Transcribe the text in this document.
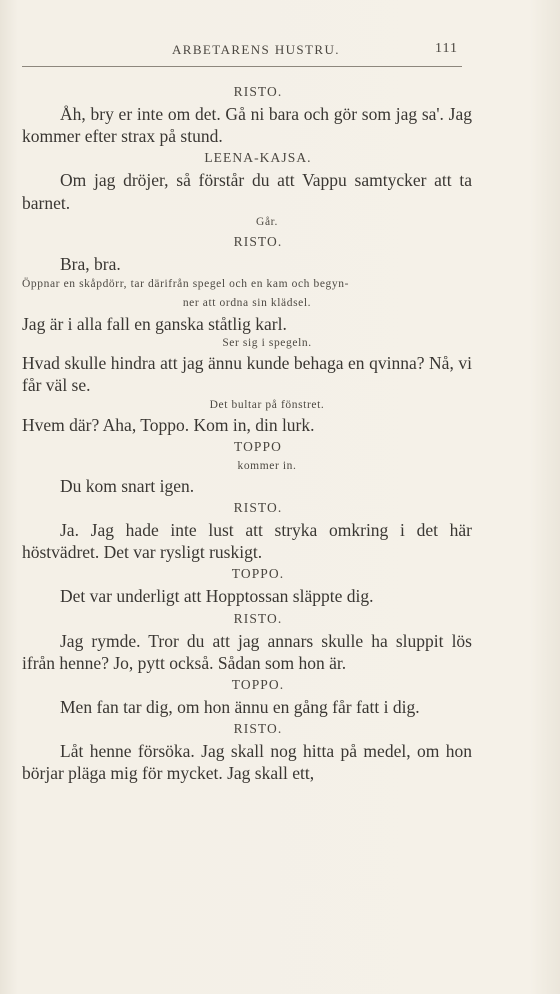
ARBETARENS HUSTRU.	111
RISTO.

Åh, bry er inte om det. Gå ni bara och gör som jag sa'. Jag kommer efter strax på stund.

LEENA-KAJSA.

Om jag dröjer, så förstår du att Vappu samtycker att ta barnet.

Går.
RISTO.

Bra, bra.

Öppnar en skåpdörr, tar därifrån spegel och en kam och begyn-
ner att ordna sin klädsel.

Jag är i alla fall en ganska ståtlig karl.

Ser sig i spegeln.

Hvad skulle hindra att jag ännu kunde behaga en qvinna? Nå, vi får väl se.

Det bultar på fönstret.

Hvem där? Aha, Toppo. Kom in, din lurk.

TOPPO
kommer in.

Du kom snart igen.

RISTO.

Ja. Jag hade inte lust att stryka omkring i det här höstvädret. Det var rysligt ruskigt.

TOPPO.

Det var underligt att Hopptossan släppte dig.

RISTO.

Jag rymde. Tror du att jag annars skulle ha sluppit lös ifrån henne? Jo, pytt också. Sådan som hon är.

TOPPO.

Men fan tar dig, om hon ännu en gång får fatt i dig.

RISTO.

Låt henne försöka. Jag skall nog hitta på medel, om hon börjar pläga mig för mycket. Jag skall ett,
